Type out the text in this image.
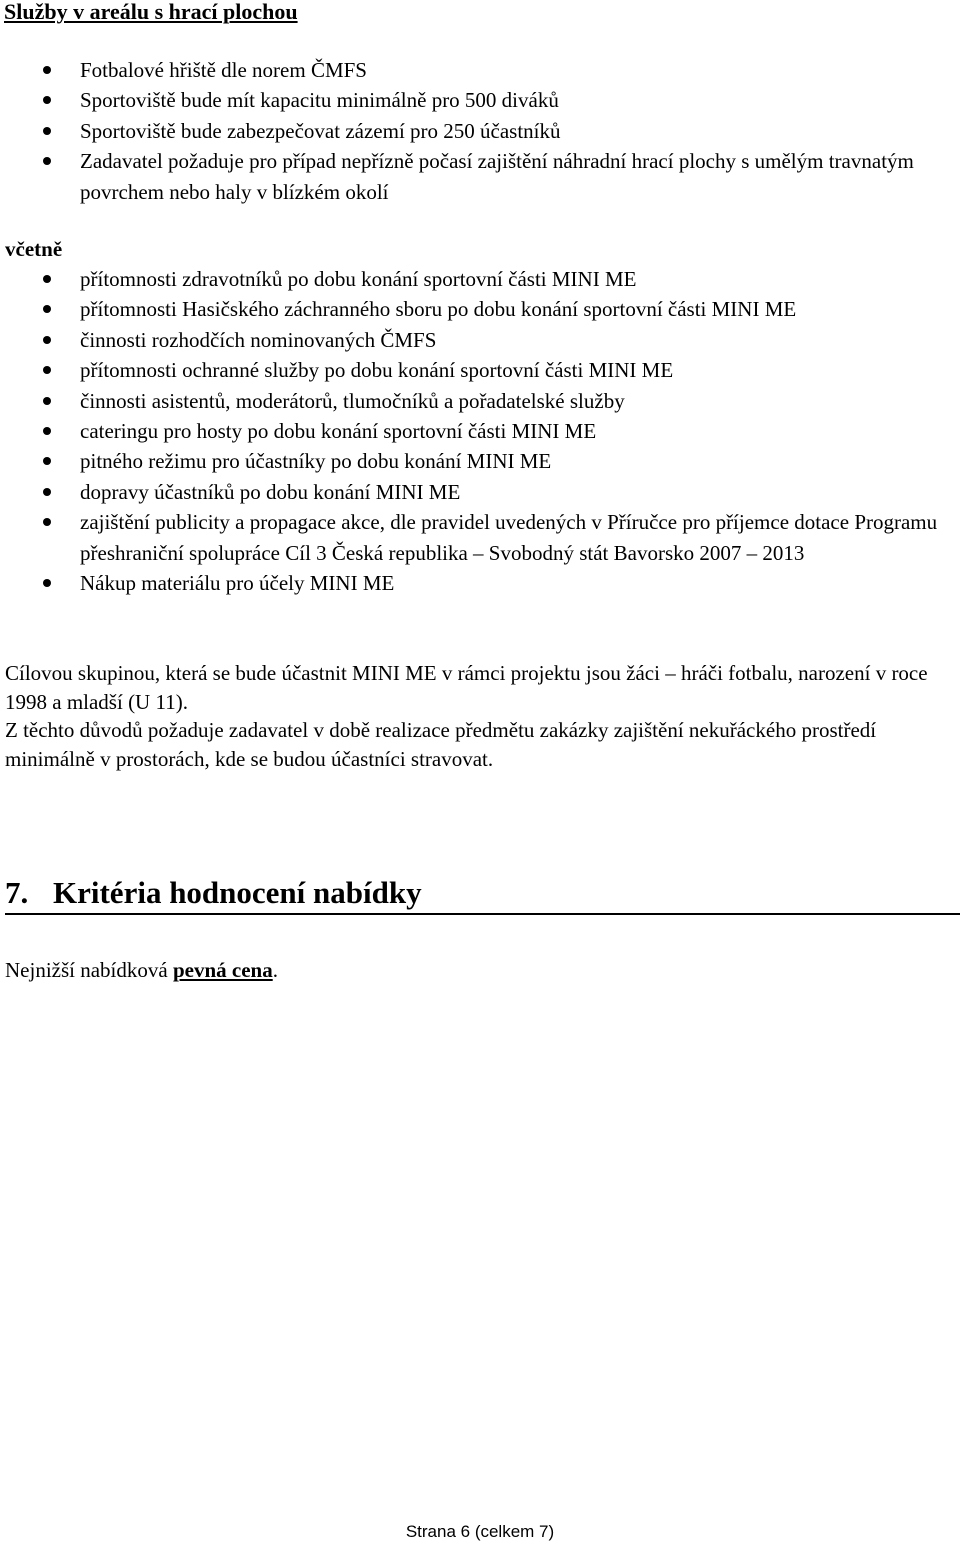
Služby v areálu s hrací plochou
Fotbalové hřiště dle norem ČMFS
Sportoviště bude mít kapacitu minimálně pro 500 diváků
Sportoviště bude zabezpečovat zázemí pro 250 účastníků
Zadavatel požaduje pro případ nepřízně počasí zajištění náhradní hrací plochy s umělým travnatým povrchem nebo haly v blízkém okolí
včetně
přítomnosti zdravotníků po dobu konání sportovní části MINI ME
přítomnosti Hasičského záchranného sboru po dobu konání sportovní části MINI ME
činnosti rozhodčích nominovaných ČMFS
přítomnosti ochranné služby po dobu konání sportovní části MINI ME
činnosti asistentů, moderátorů, tlumočníků a pořadatelské služby
cateringu pro hosty po dobu konání sportovní části MINI ME
pitného režimu pro účastníky po dobu konání MINI ME
dopravy účastníků po dobu konání MINI ME
zajištění publicity a propagace akce, dle pravidel uvedených v Příručce pro příjemce dotace Programu přeshraniční spolupráce Cíl 3 Česká republika – Svobodný stát Bavorsko 2007 – 2013
Nákup materiálu pro účely MINI ME
Cílovou skupinou, která se bude účastnit MINI ME v rámci projektu jsou žáci – hráči fotbalu, narození v roce 1998 a mladší (U 11).
Z těchto důvodů požaduje zadavatel v době realizace předmětu zakázky zajištění nekuřáckého prostředí minimálně v prostorách, kde se budou účastníci stravovat.
7. Kritéria hodnocení nabídky
Nejnižší nabídková pevná cena.
Strana 6 (celkem 7)
